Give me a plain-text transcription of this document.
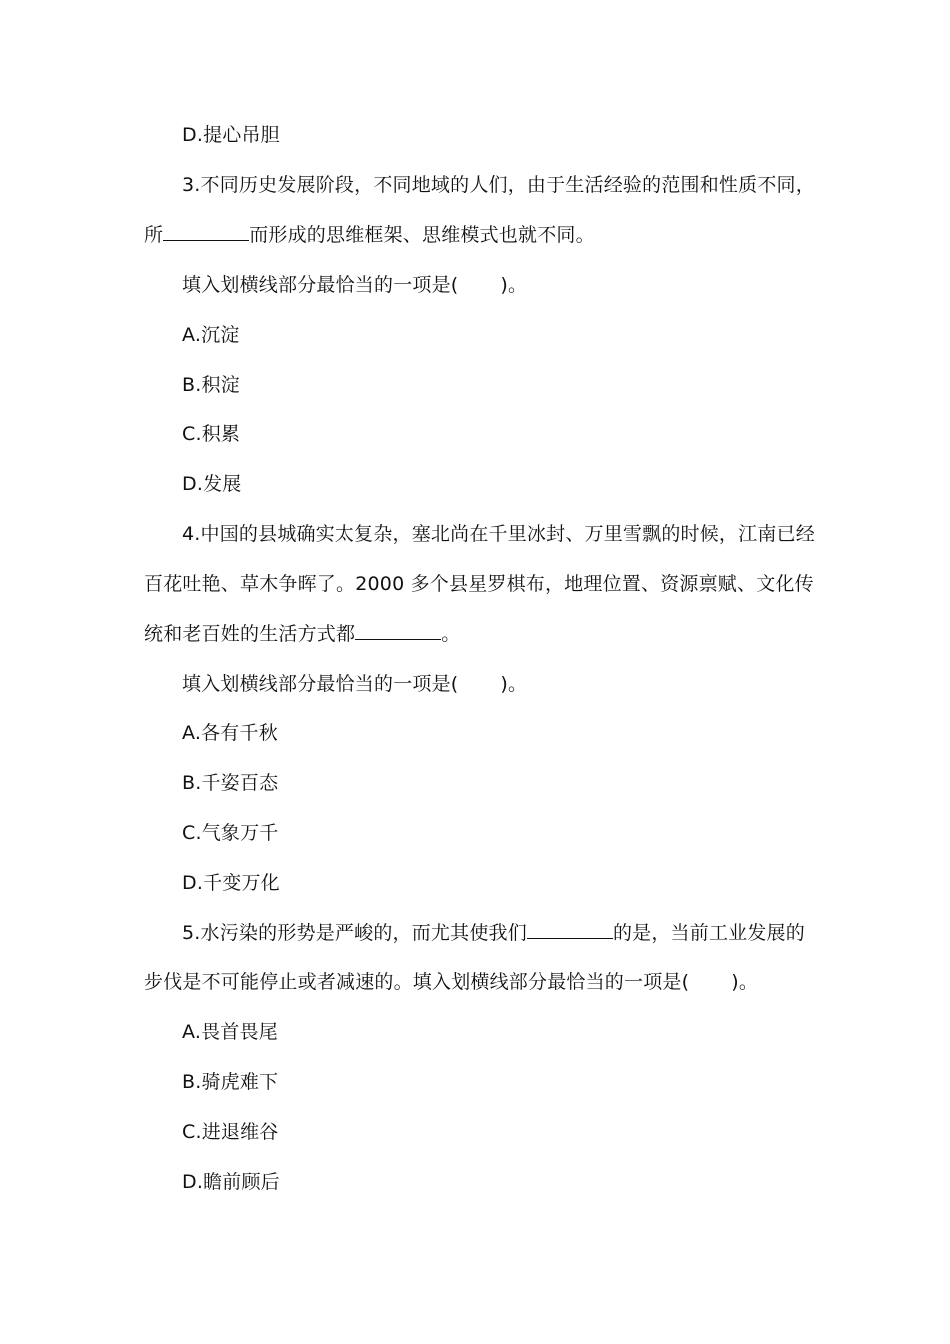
D.提心吊胆
3.不同历史发展阶段，不同地域的人们，由于生活经验的范围和性质不同，
所	而形成的思维框架、思维模式也就不同。
填入划横线部分最恰当的一项是( )。
A.沉淀
B.积淀
C.积累
D.发展
4.中国的县城确实太复杂，塞北尚在千里冰封、万里雪飘的时候，江南已经
百花吐艳、草木争晖了。2000 多个县星罗棋布，地理位置、资源禀赋、文化传
统和老百姓的生活方式都	。
填入划横线部分最恰当的一项是( )。
A.各有千秋
B.千姿百态
C.气象万千
D.千变万化
5.水污染的形势是严峻的，而尤其使我们	的是，当前工业发展的
步伐是不可能停止或者减速的。填入划横线部分最恰当的一项是( )。
A.畏首畏尾
B.骑虎难下
C.进退维谷
D.瞻前顾后
